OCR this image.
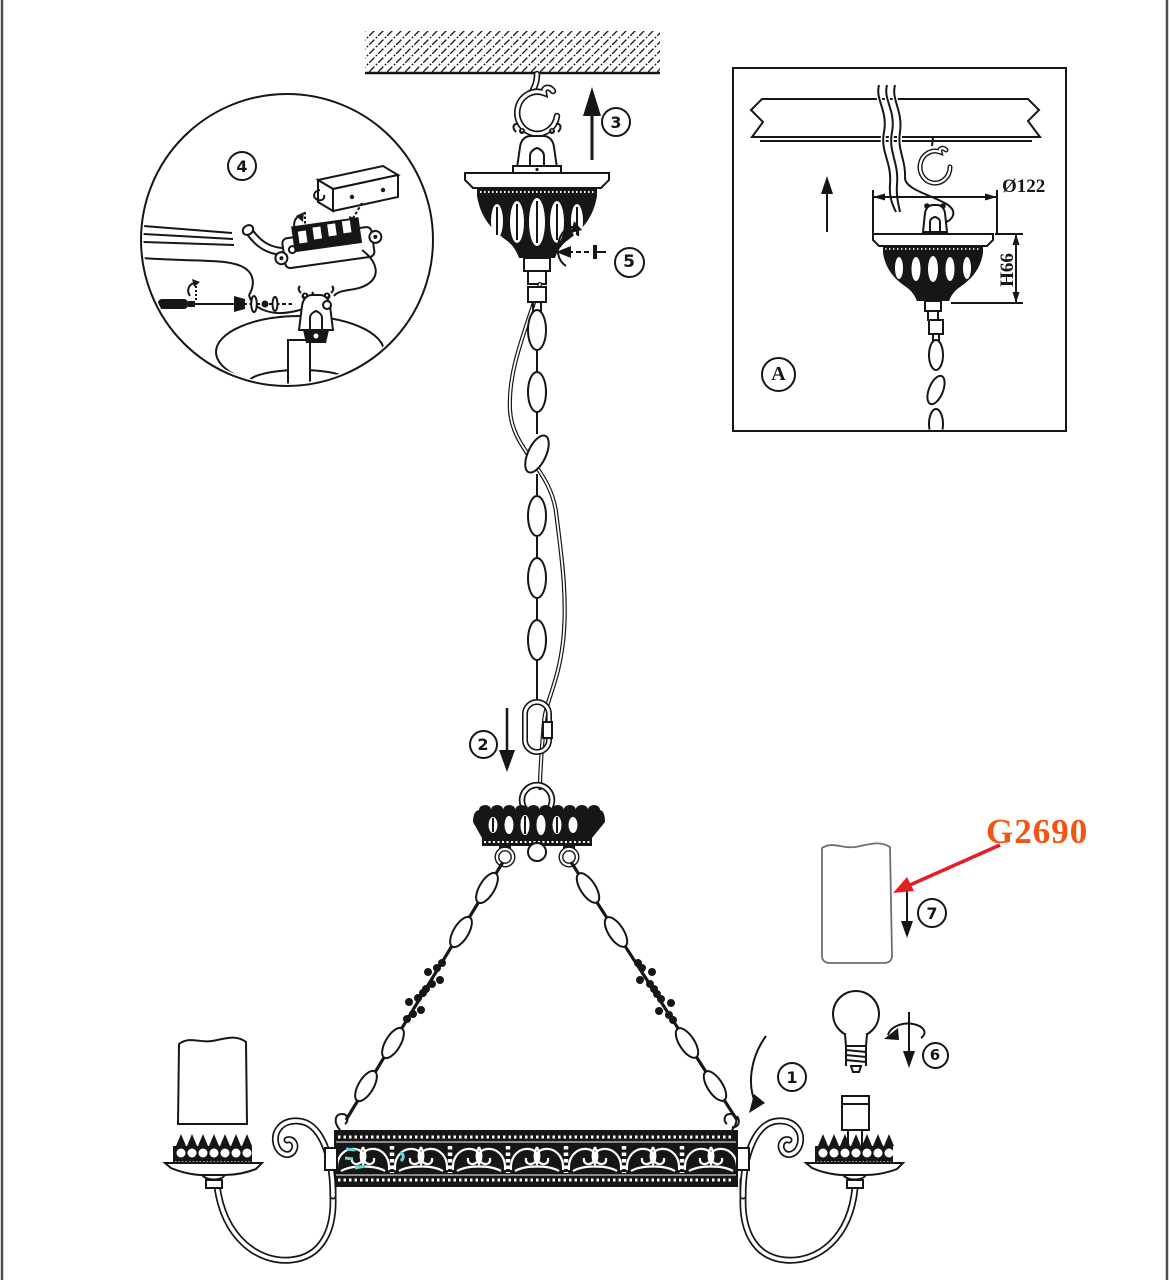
1
2
3
4
5
6
7
G2690
Ø122
H66
A
